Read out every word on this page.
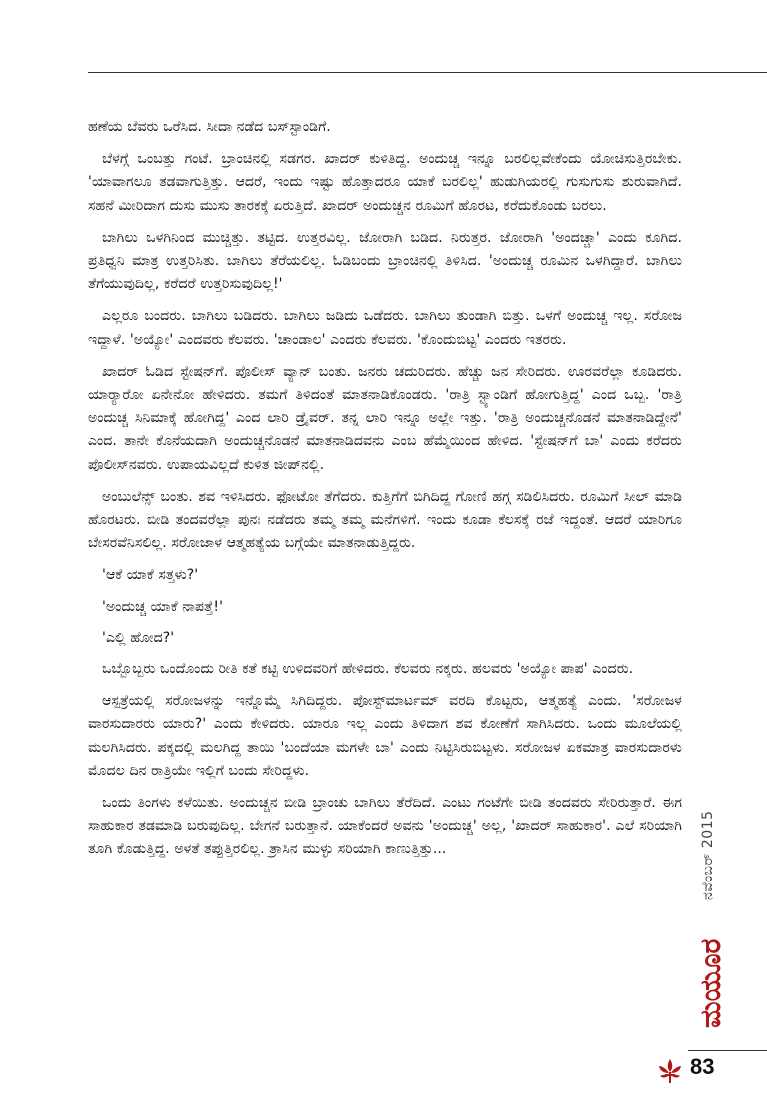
ಹಣೆಯ ಬೆವರು ಒರೆಸಿದ. ಸೀದಾ ನಡೆದ ಬಸ್‌ಸ್ಟಾಂಡಿಗೆ.

ಬೆಳಗ್ಗೆ ಒಂಬತ್ತು ಗಂಟೆ. ಬ್ರಾಂಚಿನಲ್ಲಿ ಸಡಗರ. ಖಾದರ್ ಕುಳಿತಿದ್ದ. ಅಂದುಚ್ಚ ಇನ್ನೂ ಬರಲಿಲ್ಲವೇಕೆಂದು ಯೋಚಿಸುತ್ತಿರಬೇಕು. 'ಯಾವಾಗಲೂ ತಡವಾಗುತ್ತಿತ್ತು. ಆದರೆ, ಇಂದು ಇಷ್ಟು ಹೊತ್ತಾದರೂ ಯಾಕೆ ಬರಲಿಲ್ಲ' ಹುಡುಗಿಯರಲ್ಲಿ ಗುಸುಗುಸು ಶುರುವಾಗಿದೆ. ಸಹನೆ ಮೀರಿದಾಗ ದುಸು ಮುಸು ತಾರಕಕ್ಕೆ ಏರುತ್ತಿದೆ. ಖಾದರ್ ಅಂದುಚ್ಚನ ರೂಮಿಗೆ ಹೊರಟ, ಕರೆದುಕೊಂಡು ಬರಲು.

ಬಾಗಿಲು ಒಳಗಿನಿಂದ ಮುಚ್ಚಿತ್ತು. ತಟ್ಟಿದ. ಉತ್ತರವಿಲ್ಲ. ಜೋರಾಗಿ ಬಡಿದ. ನಿರುತ್ತರ. ಜೋರಾಗಿ 'ಅಂದಚ್ಚಾ' ಎಂದು ಕೂಗಿದ. ಪ್ರತಿಧ್ವನಿ ಮಾತ್ರ ಉತ್ತರಿಸಿತು. ಬಾಗಿಲು ತೆರೆಯಲಿಲ್ಲ. ಓಡಿಬಂದು ಬ್ರಾಂಚಿನಲ್ಲಿ ತಿಳಿಸಿದ. 'ಅಂದುಚ್ಚ ರೂಮಿನ ಒಳಗಿದ್ದಾರೆ. ಬಾಗಿಲು ತೆಗೆಯುವುದಿಲ್ಲ, ಕರೆದರೆ ಉತ್ತರಿಸುವುದಿಲ್ಲ!'

ಎಲ್ಲರೂ ಬಂದರು. ಬಾಗಿಲು ಬಡಿದರು. ಬಾಗಿಲು ಜಡಿದು ಒಡೆದರು. ಬಾಗಿಲು ತುಂಡಾಗಿ ಬಿತ್ತು. ಒಳಗೆ ಅಂದುಚ್ಚ ಇಲ್ಲ. ಸರೋಜ ಇದ್ದಾಳೆ. 'ಅಯ್ಯೋ' ಎಂದವರು ಕೆಲವರು. 'ಚಾಂಡಾಲ' ಎಂದರು ಕೆಲವರು. 'ಕೊಂದುಬಿಟ್ಟ' ಎಂದರು ಇತರರು.

ಖಾದರ್ ಓಡಿದ ಸ್ಟೇಷನ್‌ಗೆ. ಪೊಲೀಸ್ ವ್ಯಾನ್ ಬಂತು. ಜನರು ಚದುರಿದರು. ಹೆಚ್ಚು ಜನ ಸೇರಿದರು. ಊರವರೆಲ್ಲಾ ಕೂಡಿದರು. ಯಾರ‍್ಯಾರೋ ಏನೇನೋ ಹೇಳಿದರು. ತಮಗೆ ತಿಳಿದಂತೆ ಮಾತನಾಡಿಕೊಂಡರು. 'ರಾತ್ರಿ ಸ್ಟ್ಯಾಂಡಿಗೆ ಹೋಗುತ್ತಿದ್ದ' ಎಂದ ಒಬ್ಬ. 'ರಾತ್ರಿ ಅಂದುಚ್ಚ ಸಿನಿಮಾಕ್ಕೆ ಹೋಗಿದ್ದ' ಎಂದ ಲಾರಿ ಡ್ರೈವರ್. ತನ್ನ ಲಾರಿ ಇನ್ನೂ ಅಲ್ಲೇ ಇತ್ತು. 'ರಾತ್ರಿ ಅಂದುಚ್ಚನೊಡನೆ ಮಾತನಾಡಿದ್ದೇನೆ' ಎಂದ. ತಾನೇ ಕೊನೆಯದಾಗಿ ಅಂದುಚ್ಚನೊಡನೆ ಮಾತನಾಡಿದವನು ಎಂಬ ಹೆಮ್ಮೆಯಿಂದ ಹೇಳಿದ. 'ಸ್ಟೇಷನ್‌ಗೆ ಬಾ' ಎಂದು ಕರೆದರು ಪೊಲೀಸ್‌ನವರು. ಉಪಾಯವಿಲ್ಲದೆ ಕುಳಿತ ಜೀಪ್‌ನಲ್ಲಿ.

ಅಂಬುಲೆನ್ಸ್ ಬಂತು. ಶವ ಇಳಿಸಿದರು. ಫೋಟೋ ತೆಗೆದರು. ಕುತ್ತಿಗೆಗೆ ಬಿಗಿದಿದ್ದ ಗೋಣಿ ಹಗ್ಗ ಸಡಿಲಿಸಿದರು. ರೂಮಿಗೆ ಸೀಲ್ ಮಾಡಿ ಹೊರಟರು. ಬೀಡಿ ತಂದವರೆಲ್ಲಾ ಪುನಃ ನಡೆದರು ತಮ್ಮ ತಮ್ಮ ಮನೆಗಳಿಗೆ. ಇಂದು ಕೂಡಾ ಕೆಲಸಕ್ಕೆ ರಜೆ ಇದ್ದಂತೆ. ಆದರೆ ಯಾರಿಗೂ ಬೇಸರವೆನಿಸಲಿಲ್ಲ. ಸರೋಜಾಳ ಆತ್ಮಹತ್ಯೆಯ ಬಗ್ಗೆಯೇ ಮಾತನಾಡುತ್ತಿದ್ದರು.

'ಆಕೆ ಯಾಕೆ ಸತ್ತಳು?'

'ಅಂದುಚ್ಚ ಯಾಕೆ ನಾಪತ್ತೆ!'

'ಎಲ್ಲಿ ಹೋದ?'

ಒಬ್ಬೊಬ್ಬರು ಒಂದೊಂದು ರೀತಿ ಕತೆ ಕಟ್ಟಿ ಉಳಿದವರಿಗೆ ಹೇಳಿದರು. ಕೆಲವರು ನಕ್ಕರು. ಹಲವರು 'ಅಯ್ಯೋ ಪಾಪ' ಎಂದರು.

ಆಸ್ಪತ್ರೆಯಲ್ಲಿ ಸರೋಜಳನ್ನು ಇನ್ನೊಮ್ಮೆ ಸಿಗಿದಿದ್ದರು. ಪೋಸ್ಟ್‌ಮಾರ್ಟಮ್ ವರದಿ ಕೊಟ್ಟರು, ಆತ್ಮಹತ್ಯೆ ಎಂದು. 'ಸರೋಜಳ ವಾರಸುದಾರರು ಯಾರು?' ಎಂದು ಕೇಳಿದರು. ಯಾರೂ ಇಲ್ಲ ಎಂದು ತಿಳಿದಾಗ ಶವ ಕೋಣೆಗೆ ಸಾಗಿಸಿದರು. ಒಂದು ಮೂಲೆಯಲ್ಲಿ ಮಲಗಿಸಿದರು. ಪಕ್ಕದಲ್ಲಿ ಮಲಗಿದ್ದ ತಾಯಿ 'ಬಂದೆಯಾ ಮಗಳೇ ಬಾ' ಎಂದು ನಿಟ್ಟಿಸಿರುಬಿಟ್ಟಳು. ಸರೋಜಳ ಏಕಮಾತ್ರ ವಾರಸುದಾರಳು ಮೊದಲ ದಿನ ರಾತ್ರಿಯೇ ಇಲ್ಲಿಗೆ ಬಂದು ಸೇರಿದ್ದಳು.

ಒಂದು ತಿಂಗಳು ಕಳೆಯಿತು. ಅಂದುಚ್ಚನ ಬೀಡಿ ಬ್ರಾಂಚು ಬಾಗಿಲು ತೆರೆದಿದೆ. ಎಂಟು ಗಂಟೆಗೇ ಬೀಡಿ ತಂದವರು ಸೇರಿರುತ್ತಾರೆ. ಈಗ ಸಾಹುಕಾರ ತಡಮಾಡಿ ಬರುವುದಿಲ್ಲ. ಬೇಗನೆ ಬರುತ್ತಾನೆ. ಯಾಕೆಂದರೆ ಅವನು 'ಅಂದುಚ್ಚ' ಅಲ್ಲ, 'ಖಾದರ್ ಸಾಹುಕಾರ'. ಎಲೆ ಸರಿಯಾಗಿ ತೂಗಿ ಕೊಡುತ್ತಿದ್ದ. ಅಳತೆ ತಪ್ಪುತ್ತಿರಲಿಲ್ಲ. ತ್ರಾಸಿನ ಮುಳ್ಳು ಸರಿಯಾಗಿ ಕಾಣುತ್ತಿತ್ತು...	ನವೆಂಬರ್ 2015
ಮಯೂರ
83
